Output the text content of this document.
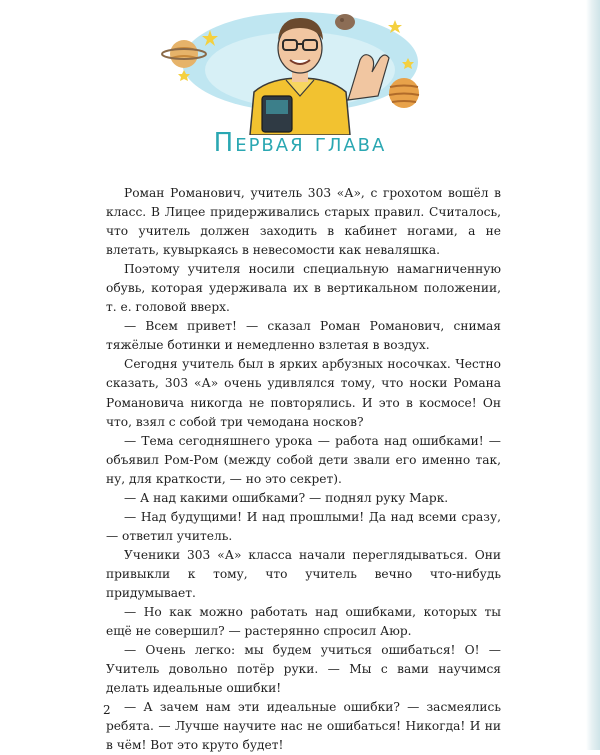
Первая глава

Роман Романович, учитель 303 «А», с грохотом вошёл в класс. В Лицее придерживались старых правил. Считалось, что учитель должен заходить в кабинет ногами, а не влетать, кувыркаясь в невесомости как неваляшка.

Поэтому учителя носили специальную намагниченную обувь, которая удерживала их в вертикальном положении, т. е. головой вверх.

— Всем привет! — сказал Роман Романович, снимая тяжёлые ботинки и немедленно взлетая в воздух.

Сегодня учитель был в ярких арбузных носочках. Честно сказать, 303 «А» очень удивлялся тому, что носки Романа Романовича никогда не повторялись. И это в космосе! Он что, взял с собой три чемодана носков?

— Тема сегодняшнего урока — работа над ошибками! — объявил Ром-Ром (между собой дети звали его именно так, ну, для краткости, — но это секрет).

— А над какими ошибками? — поднял руку Марк.

— Над будущими! И над прошлыми! Да над всеми сразу, — ответил учитель.

Ученики 303 «А» класса начали переглядываться. Они привыкли к тому, что учитель вечно что-нибудь придумывает.

— Но как можно работать над ошибками, которых ты ещё не совершил? — растерянно спросил Аюр.

— Очень легко: мы будем учиться ошибаться! О! — Учитель довольно потёр руки. — Мы с вами научимся делать идеальные ошибки!

— А зачем нам эти идеальные ошибки? — засмеялись ребята. — Лучше научите нас не ошибаться! Никогда! И ни в чём! Вот это круто будет!

2
